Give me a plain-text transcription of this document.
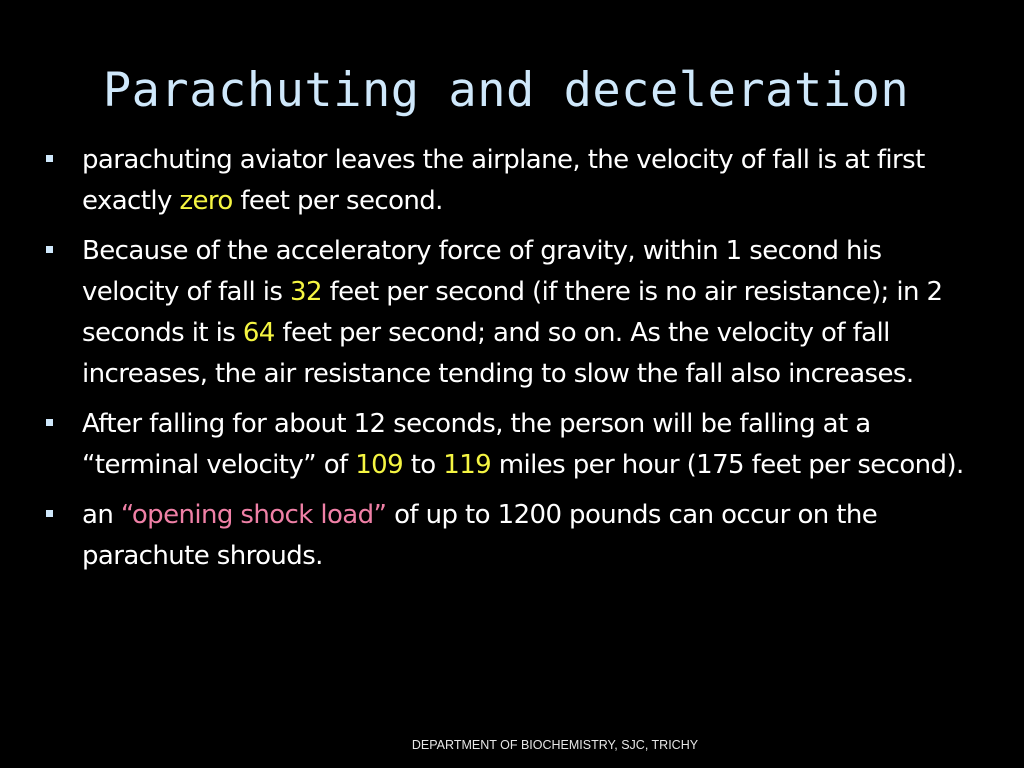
Parachuting and deceleration
parachuting aviator leaves the airplane, the velocity of fall is at first exactly zero feet per second.
Because of the acceleratory force of gravity, within 1 second his velocity of fall is 32 feet per second (if there is no air resistance); in 2 seconds it is 64 feet per second; and so on. As the velocity of fall increases, the air resistance tending to slow the fall also increases.
After falling for about 12 seconds, the person will be falling at a “terminal velocity” of 109 to 119 miles per hour (175 feet per second).
an “opening shock load” of up to 1200 pounds can occur on the parachute shrouds.
DEPARTMENT OF BIOCHEMISTRY, SJC, TRICHY
